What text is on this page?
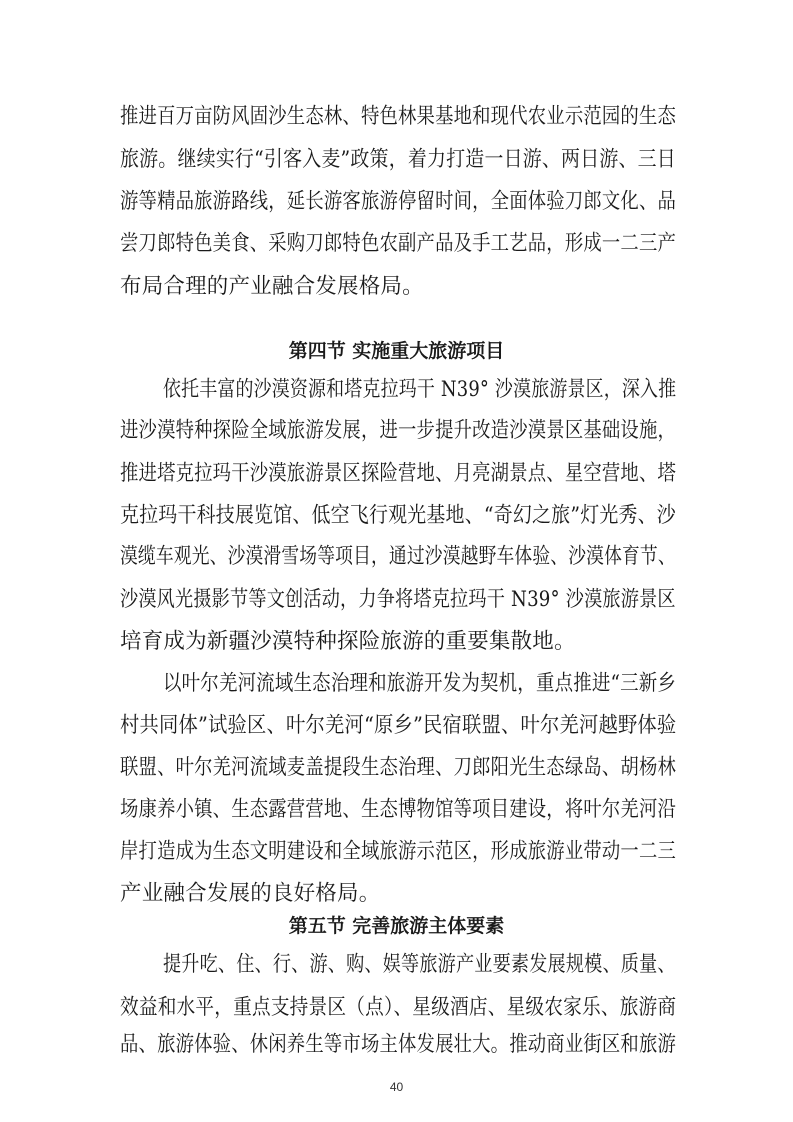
推进百万亩防风固沙生态林、特色林果基地和现代农业示范园的生态
旅游。继续实行“引客入麦”政策，着力打造一日游、两日游、三日
游等精品旅游路线，延长游客旅游停留时间，全面体验刀郎文化、品
尝刀郎特色美食、采购刀郎特色农副产品及手工艺品，形成一二三产
布局合理的产业融合发展格局。
第四节 实施重大旅游项目
依托丰富的沙漠资源和塔克拉玛干 N39° 沙漠旅游景区，深入推
进沙漠特种探险全域旅游发展，进一步提升改造沙漠景区基础设施，
推进塔克拉玛干沙漠旅游景区探险营地、月亮湖景点、星空营地、塔
克拉玛干科技展览馆、低空飞行观光基地、“奇幻之旅”灯光秀、沙
漠缆车观光、沙漠滑雪场等项目，通过沙漠越野车体验、沙漠体育节、
沙漠风光摄影节等文创活动，力争将塔克拉玛干 N39° 沙漠旅游景区
培育成为新疆沙漠特种探险旅游的重要集散地。
以叶尔羌河流域生态治理和旅游开发为契机，重点推进“三新乡
村共同体”试验区、叶尔羌河“原乡”民宿联盟、叶尔羌河越野体验
联盟、叶尔羌河流域麦盖提段生态治理、刀郎阳光生态绿岛、胡杨林
场康养小镇、生态露营营地、生态博物馆等项目建设，将叶尔羌河沿
岸打造成为生态文明建设和全域旅游示范区，形成旅游业带动一二三
产业融合发展的良好格局。
第五节 完善旅游主体要素
提升吃、住、行、游、购、娱等旅游产业要素发展规模、质量、
效益和水平，重点支持景区（点）、星级酒店、星级农家乐、旅游商
40
品、旅游体验、休闲养生等市场主体发展壮大。推动商业街区和旅游
